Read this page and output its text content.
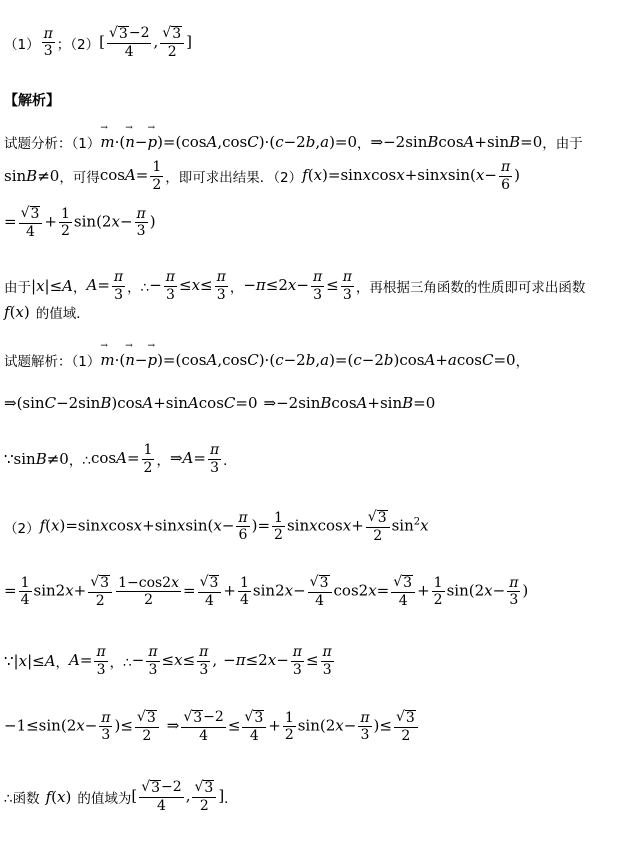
$(1) \frac{\pi}{3}$ ；（2） [ $\frac{√ 3 -2}{4}$ , $\frac{√ 3}{2}$ ]
【解析】
试题分析：（1） → m·(→ n−→ p)=(cosA,cosC)·(c−2b,a)=0 ， ⇒−2sinBcosA+sinB=0 ，由于
sinB≠0 ，可得 $\cos A= \frac{1}{2}$ ，即可求出结果．（2） f(x)=sinxcosx+sinxsin(x− $\frac{\pi}{6}$ )
= $\frac{√ 3}{4} + \frac{1}{2} \sin(2x- \frac{\pi}{3}$ )
由于 |x|≤A ， $A= \frac{\pi}{3}$ ，∴ − $\frac{\pi}{3} \le x\le \frac{\pi}{3}$ ， $-\pi\le 2x- \frac{\pi}{3} \le \frac{\pi}{3}$ ，再根据三角函数的性质即可求出函数
f(x) 的值域．
试题解析：（1） → m·(→ n−→ p)=(cosA,cosC)·(c−2b,a)=(c−2b)cosA+acosC=0 ，
⇒(sinC−2sinB)cosA+sinAcosC=0 ⇒−2sinBcosA+sinB=0
∵sinB≠0 ，∴ $\cos A= \frac{1}{2}$ ， ⇒A= $\frac{\pi}{3}$ ．
（2） f(x)=sinxcosx+sinxsin(x− $\frac{\pi}{6}$ )= $\frac{1}{2}$ sinxcosx+ $\frac{√ 3}{2} \sin^2x$
= $\frac{1}{4} \sin 2x+ \frac{√ 3}{2} \frac{1-\cos 2x}{2} = \frac{√ 3}{4} + \frac{1}{4} \sin 2x- \frac{√ 3}{4} \cos 2x= \frac{√ 3}{4} + \frac{1}{2} \sin(2x- \frac{\pi}{3}$ )
∵|x|≤A ， $A= \frac{\pi}{3}$ ，∴ − $\frac{\pi}{3} \le x\le \frac{\pi}{3}$ , $-\pi\le 2x- \frac{\pi}{3} \le \frac{\pi}{3}$
$-1\le\sin(2x- \frac{\pi}{3}$ )≤ $\frac{√ 3}{2}$ ⇒ $\frac{√ 3 -2}{4} \le \frac{√ 3}{4} + \frac{1}{2} \sin(2x- \frac{\pi}{3}$ )≤ $\frac{√ 3}{2}$
∴函数 f(x) 的值域为 [ $\frac{√ 3 -2}{4}$ , $\frac{√ 3}{2}$ ] ．
